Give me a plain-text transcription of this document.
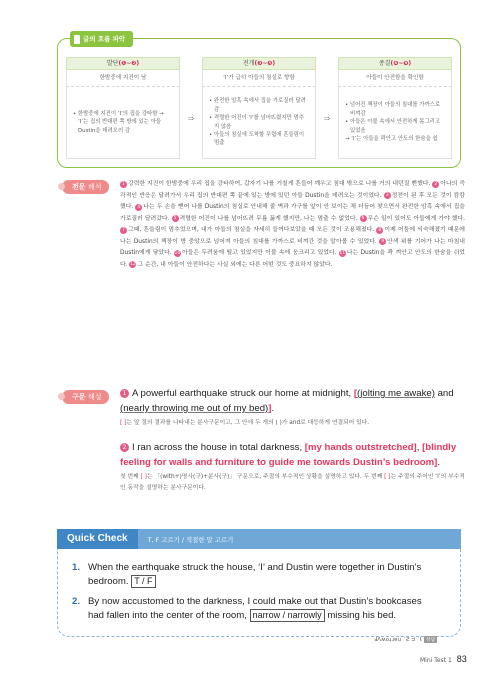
글의 흐름 파악
발단(❶~❷)
한밤중에 지진이 남
• 한밤중에 지진이 ‘I’의 집을 강타함 → ‘I’는 집의 반대편 쪽 방에 있는 아들 Dustin을 데려오러 감
⇒
전개(❸~❺)
‘I’가 급히 아들의 침실로 향함
• 완전한 암흑 속에서 집을 가로질러 달려감
• 격렬한 어진이 ‘I’를 넘어뜨렸지만 멈추지 않음
• 아들의 침실에 도착할 무렵에 흔들림이 멈춤
⇒
종결(❻~❾)
아들이 안전함을 확인함
• 넘어진 책장이 아들의 침대를 가까스로 비껴감
• 아들은 이불 속에서 안전하게 몸그리고 있었음
→ ‘I’는 아들을 꽉안고 안도의 한숨을 쉼
전문 해석	1 강력한 지진이 한밤중에 우리 집을 강타하여, 갑자기 나를 거칠게 흔들어 깨우고 침대 밖으로 나를 거의 내던질 뻔했다. 2 아나의 즉각적인 반응은 달려가서 우리 집의 반대편 쪽 끝에 있는 방에 있던 아들 Dustin을 데려오는 것이었다. 3 정전이 된 후 모든 것이 캄캄했다. 4 나는 두 손을 뻗어 나를 Dustin의 침실로 안내해 줄 벽과 가구를 앞이 안 보이는 채 더듬어 찾으면서 완전한 암흑 속에서 집을 가로질러 달려갔다. 5 격렬한 어진이 나를 넘어뜨려 무릎 꿇게 했지만, 나는 멈출 수 없었다. 6 무슨 일이 있어도 아들에게 가야 했다. 7 그때, 흔들림이 멈추었으며, 내가 아들의 침실을 자세히 들여다보았을 때 모든 것이 조용해졌다. 8 이제 어둠에 익숙해졌기 때문에 나는 Dustin의 책장이 방 중앙으로 넘어져 아들의 침대를 가까스로 비껴간 것을 알아볼 수 있었다. 9 안색 위를 기어가 나는 마침내 Dustin에게 닿았다. 10 아들은 두려움에 떨고 있었지만 이불 속에 웅크리고 있었다. 11 나는 Dustin을 꽉 껴안고 안도의 한숨을 쉬었다. 12 그 순간, 내 아들이 안전하다는 사실 외에는 다른 어떤 것도 중요하지 않았다.
구문 해설	1 A powerful earthquake struck our home at midnight, [(jolting me awake) and (nearly throwing me out of my bed)].
[ ]는 앞 절의 결과를 나타내는 분사구문이고, 그 안에 두 개의 ( )가 and로 대등하게 연결되어 있다.
2 I ran across the house in total darkness, [my hands outstretched], [blindly feeling for walls and furniture to guide me towards Dustin’s bedroom].
첫 번째 [ ]는 「(with+)명사(구)+분사(구)」 구문으로, 주절의 부수적인 상황을 설명하고 있다. 두 번째 [ ]는 주절의 주어인 ‘I’의 부수적인 동작을 설명하는 분사구문이다.
Quick Check	T, F 고르기 / 적절한 말 고르기
1. When the earthquake struck the house, ‘I’ and Dustin were together in Dustin’s bedroom. T / F
2. By now accustomed to the darkness, I could make out that Dustin’s bookcases had fallen into the center of the room, narrow / narrowly missing his bed.
Ⅎ‌‌‌Ʌʍoɹɹɐu ˙Ƨ ᖵ ˙Ɩ 정답
Mini Test 1 83
